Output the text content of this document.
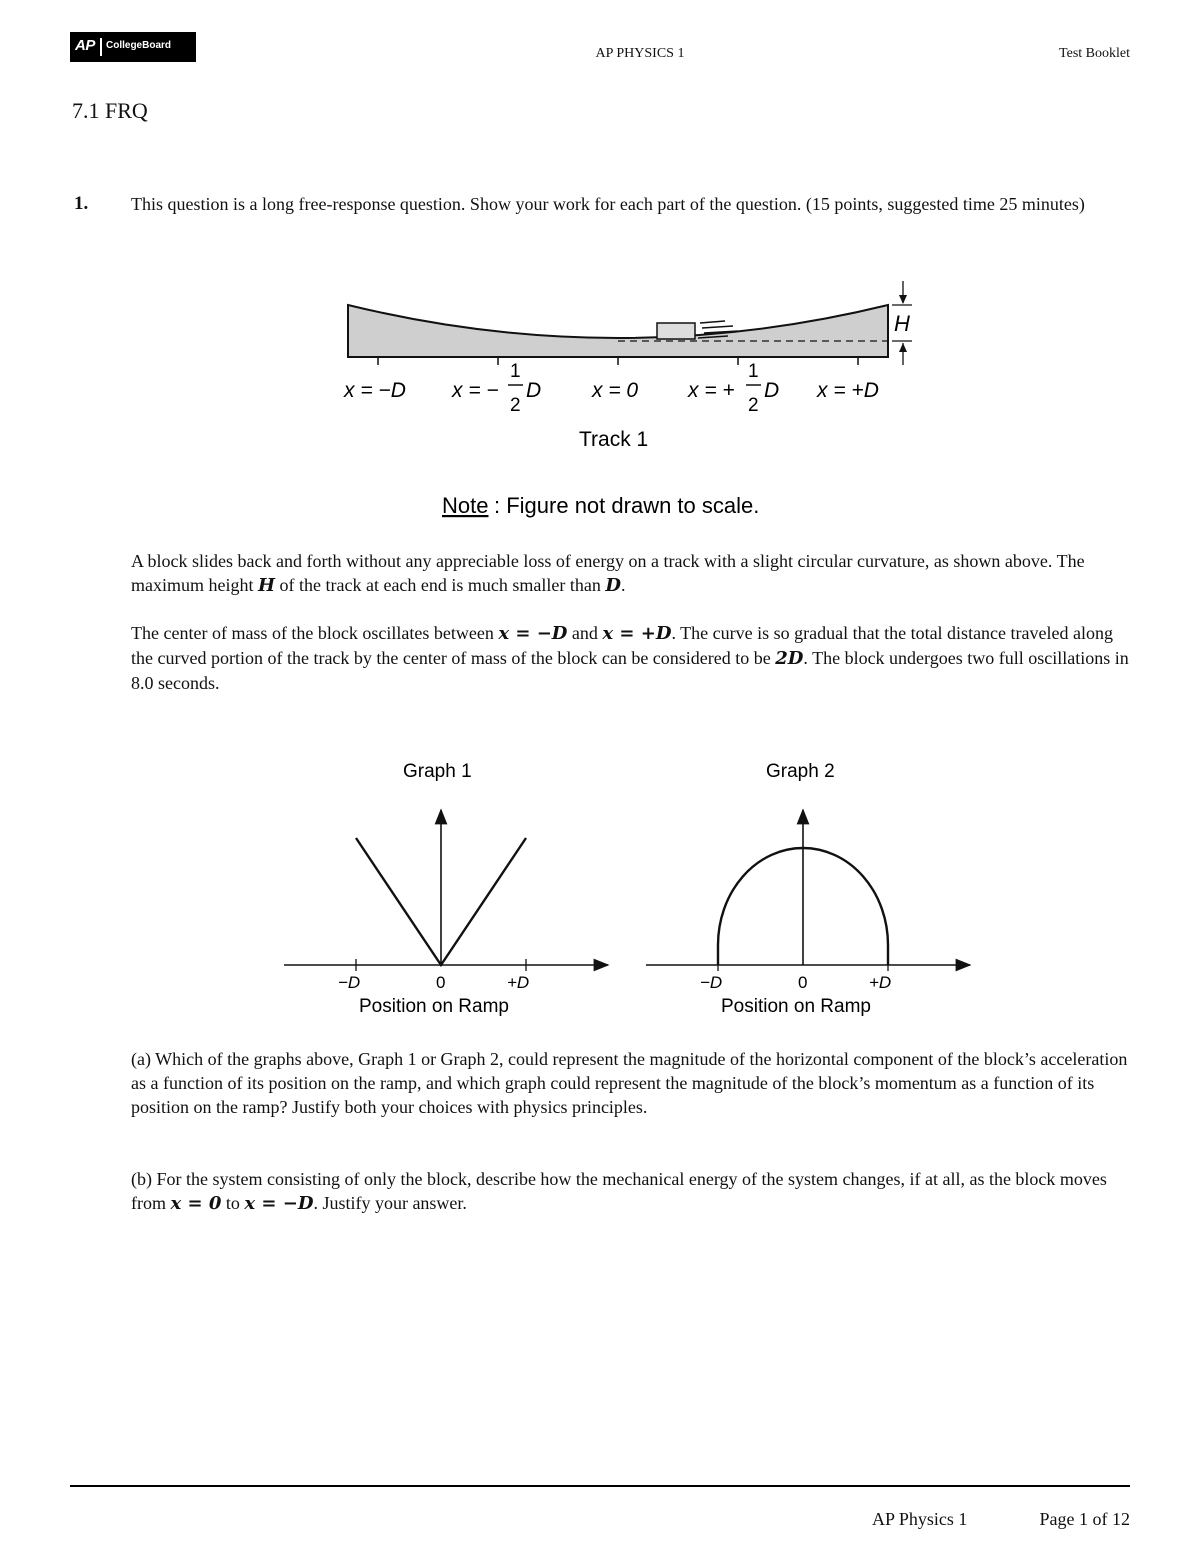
AP CollegeBoard
AP PHYSICS 1	Test Booklet
7.1 FRQ
1. This question is a long free-response question. Show your work for each part of the question. (15 points, suggested time 25 minutes)
H
x = −D x = −
1
2
D x = 0 x = +
1
2
D x = +D
Track 1
Note : Figure not drawn to scale.
A block slides back and forth without any appreciable loss of energy on a track with a slight circular curvature, as shown above. The maximum height H of the track at each end is much smaller than D.
The center of mass of the block oscillates between x = −D and x = +D. The curve is so gradual that the total distance traveled along the curved portion of the track by the center of mass of the block can be considered to be 2D. The block undergoes two full oscillations in 8.0 seconds.
Graph 1
−D	0	+D
Position on Ramp
Graph 2
−D	0	+D
Position on Ramp
(a) Which of the graphs above, Graph 1 or Graph 2, could represent the magnitude of the horizontal component of the block’s acceleration as a function of its position on the ramp, and which graph could represent the magnitude of the block’s momentum as a function of its position on the ramp? Justify both your choices with physics principles.
(b) For the system consisting of only the block, describe how the mechanical energy of the system changes, if at all, as the block moves from x = 0 to x = −D. Justify your answer.
AP Physics 1	Page 1 of 12
